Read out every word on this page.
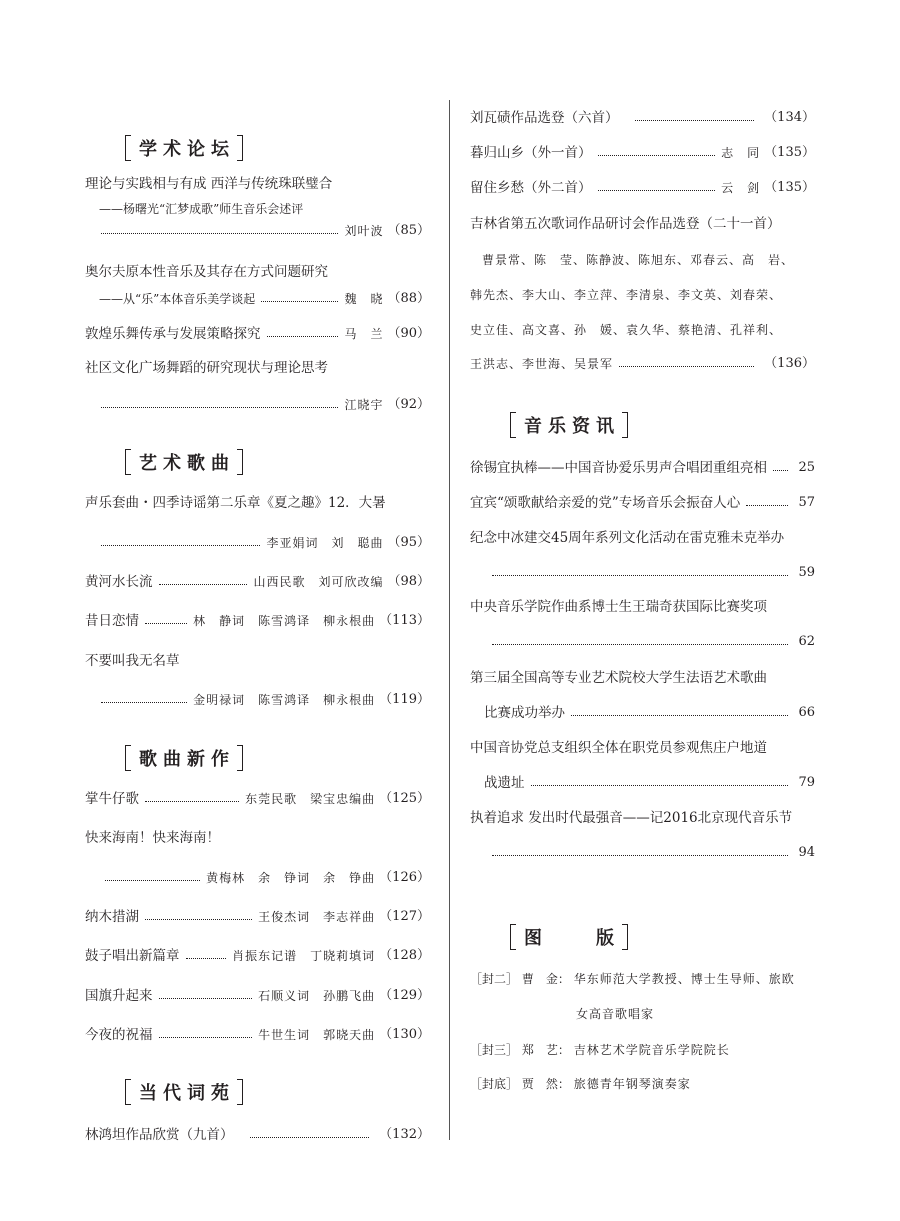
学术论坛
理论与实践相与有成 西洋与传统珠联璧合
——杨曙光“汇梦成歌”师生音乐会述评
刘叶波 （85）
奥尔夫原本性音乐及其存在方式问题研究
——从“乐”本体音乐美学谈起	魏　晓 （88）
敦煌乐舞传承与发展策略探究	马　兰 （90）
社区文化广场舞蹈的研究现状与理论思考
江晓宇 （92）
艺术歌曲
声乐套曲・四季诗谣第二乐章《夏之趣》12．大暑
李亚娟词　刘　聪曲 （95）
黄河水长流	山西民歌　刘可欣改编 （98）
昔日恋情	林　静词　陈雪鸿译　柳永根曲 （113）
不要叫我无名草
金明禄词　陈雪鸿译　柳永根曲 （119）
歌曲新作
掌牛仔歌	东莞民歌　梁宝忠编曲 （125）
快来海南！快来海南！
黄梅林　余　铮词　余　铮曲 （126）
纳木措湖	王俊杰词　李志祥曲 （127）
鼓子唱出新篇章	肖振东记谱　丁晓莉填词 （128）
国旗升起来	石顺义词　孙鹏飞曲 （129）
今夜的祝福	牛世生词　郭晓天曲 （130）
当代词苑
林鸿坦作品欣赏（九首）	（132）
刘瓦碛作品选登（六首）	（134）
暮归山乡（外一首）	志　同 （135）
留住乡愁（外二首）	云　剑 （135）
吉林省第五次歌词作品研讨会作品选登（二十一首）
曹景常、陈　莹、陈静波、陈旭东、邓春云、高　岩、
韩先杰、李大山、李立萍、李清泉、李文英、刘春荣、
史立佳、高文喜、孙　媛、袁久华、蔡艳清、孔祥利、
王洪志、李世海、吴景军	（136）
音乐资讯
徐锡宜执棒——中国音协爱乐男声合唱团重组亮相 25
宜宾“颂歌献给亲爱的党”专场音乐会振奋人心	57
纪念中冰建交45周年系列文化活动在雷克雅未克举办
59
中央音乐学院作曲系博士生王瑞奇获国际比赛奖项
62
第三届全国高等专业艺术院校大学生法语艺术歌曲
比赛成功举办	66
中国音协党总支组织全体在职党员参观焦庄户地道
战遗址	79
执着追求 发出时代最强音——记2016北京现代音乐节
94
图　　版
［封二］ 曹　金： 华东师范大学教授、博士生导师、旅欧
女高音歌唱家
［封三］ 郑　艺： 吉林艺术学院音乐学院院长
［封底］ 贾　然： 旅德青年钢琴演奏家
